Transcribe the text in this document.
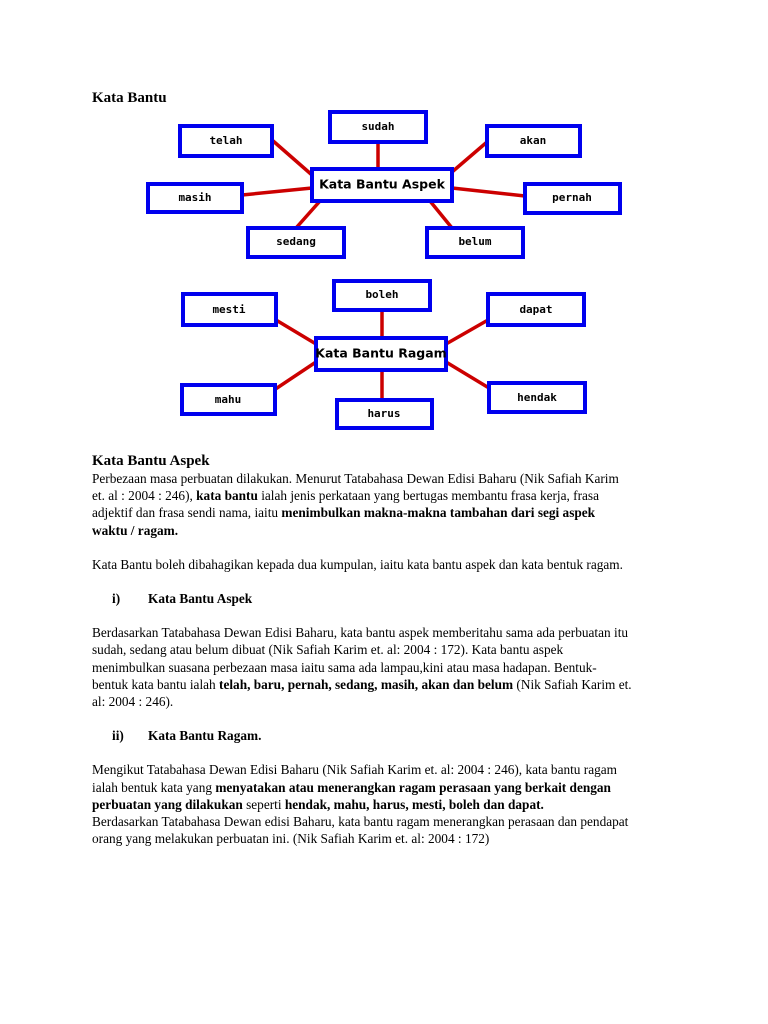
Kata Bantu
Kata Bantu Aspek
telah
sudah
akan
masih	pernah
sedang	belum
Kata Bantu Ragam
mesti
boleh
dapat
mahu	hendak
harus
Kata Bantu Aspek

Perbezaan masa perbuatan dilakukan. Menurut Tatabahasa Dewan Edisi Baharu (Nik Safiah Karim et. al : 2004 : 246), kata bantu ialah jenis perkataan yang bertugas membantu frasa kerja, frasa adjektif dan frasa sendi nama, iaitu menimbulkan makna-makna tambahan dari segi aspek waktu / ragam.

Kata Bantu boleh dibahagikan kepada dua kumpulan, iaitu kata bantu aspek dan kata bentuk ragam.

i) Kata Bantu Aspek

Berdasarkan Tatabahasa Dewan Edisi Baharu, kata bantu aspek memberitahu sama ada perbuatan itu sudah, sedang atau belum dibuat (Nik Safiah Karim et. al: 2004 : 172). Kata bantu aspek menimbulkan suasana perbezaan masa iaitu sama ada lampau,kini atau masa hadapan. Bentuk-bentuk kata bantu ialah telah, baru, pernah, sedang, masih, akan dan belum (Nik Safiah Karim et. al: 2004 : 246).

ii) Kata Bantu Ragam.

Mengikut Tatabahasa Dewan Edisi Baharu (Nik Safiah Karim et. al: 2004 : 246), kata bantu ragam ialah bentuk kata yang menyatakan atau menerangkan ragam perasaan yang berkait dengan perbuatan yang dilakukan seperti hendak, mahu, harus, mesti, boleh dan dapat.

Berdasarkan Tatabahasa Dewan edisi Baharu, kata bantu ragam menerangkan perasaan dan pendapat orang yang melakukan perbuatan ini. (Nik Safiah Karim et. al: 2004 : 172)
